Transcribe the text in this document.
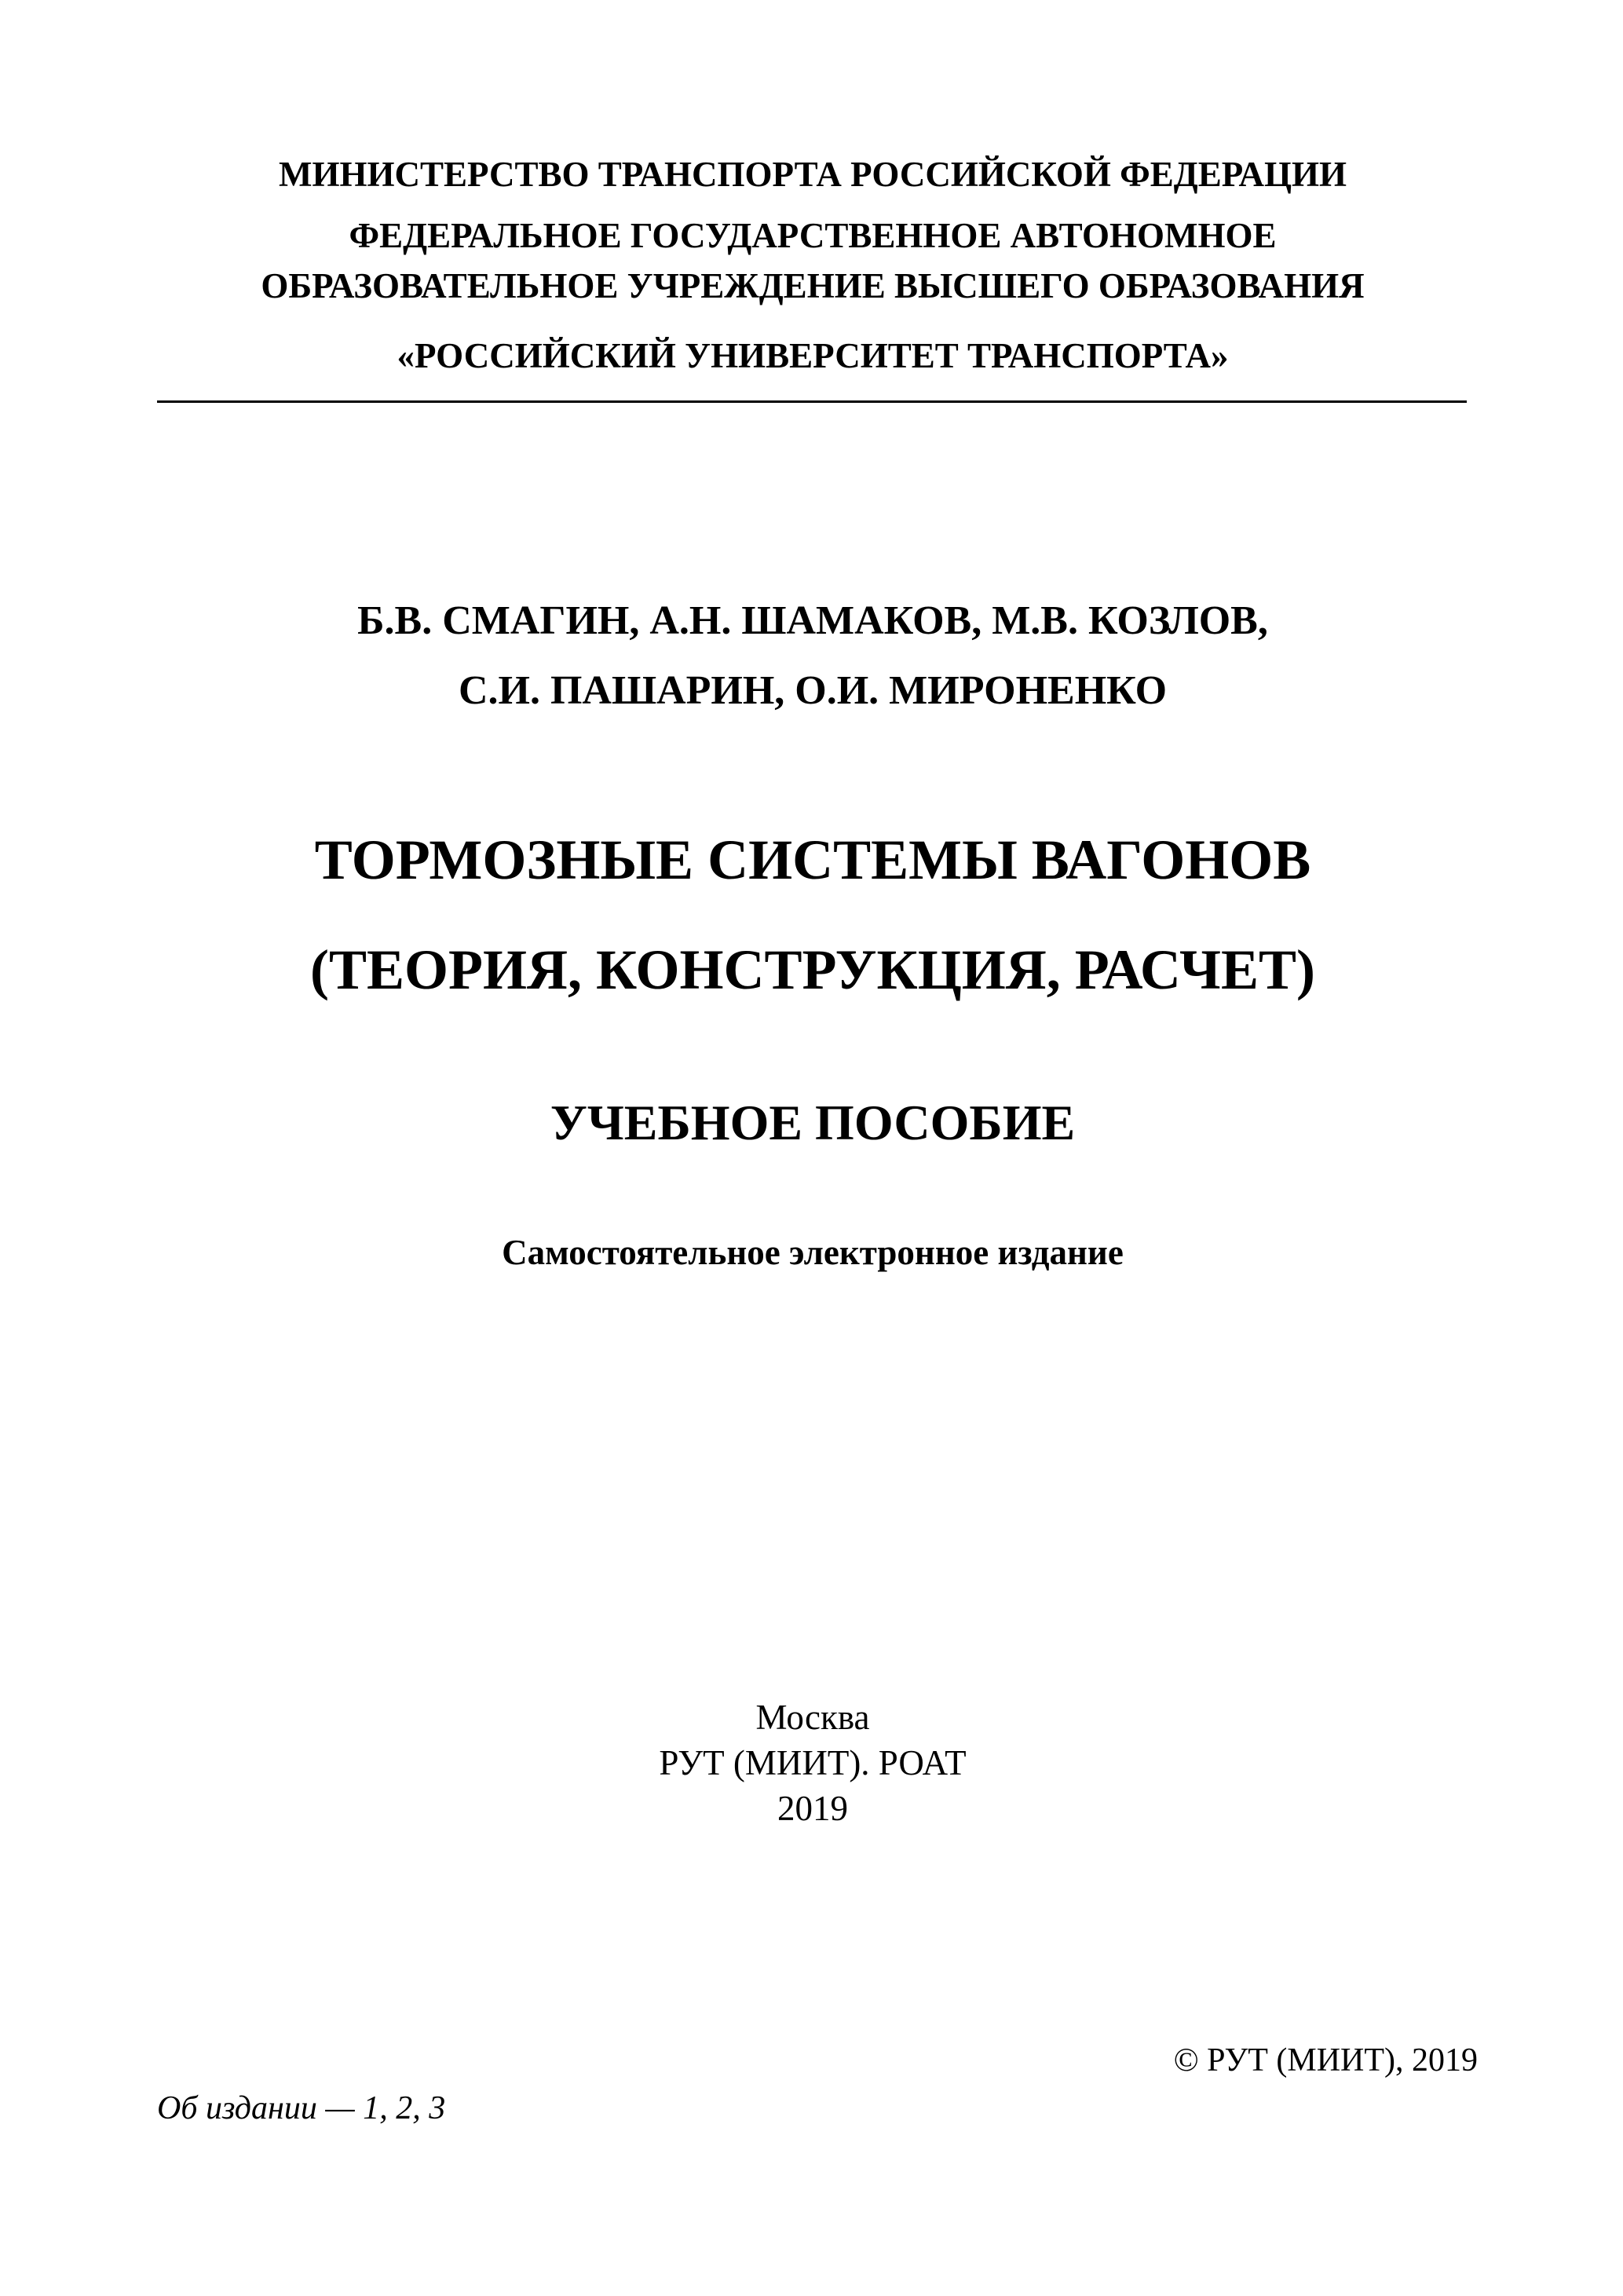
МИНИСТЕРСТВО ТРАНСПОРТА РОССИЙСКОЙ ФЕДЕРАЦИИ
ФЕДЕРАЛЬНОЕ ГОСУДАРСТВЕННОЕ АВТОНОМНОЕ
ОБРАЗОВАТЕЛЬНОЕ УЧРЕЖДЕНИЕ ВЫСШЕГО ОБРАЗОВАНИЯ
«РОССИЙСКИЙ УНИВЕРСИТЕТ ТРАНСПОРТА»
Б.В. СМАГИН, А.Н. ШАМАКОВ, М.В. КОЗЛОВ,
С.И. ПАШАРИН, О.И. МИРОНЕНКО
ТОРМОЗНЫЕ СИСТЕМЫ ВАГОНОВ
(ТЕОРИЯ, КОНСТРУКЦИЯ, РАСЧЕТ)
УЧЕБНОЕ ПОСОБИЕ
Самостоятельное электронное издание
Москва
РУТ (МИИТ). РОАТ
2019
© РУТ (МИИТ), 2019
Об издании — 1, 2, 3
